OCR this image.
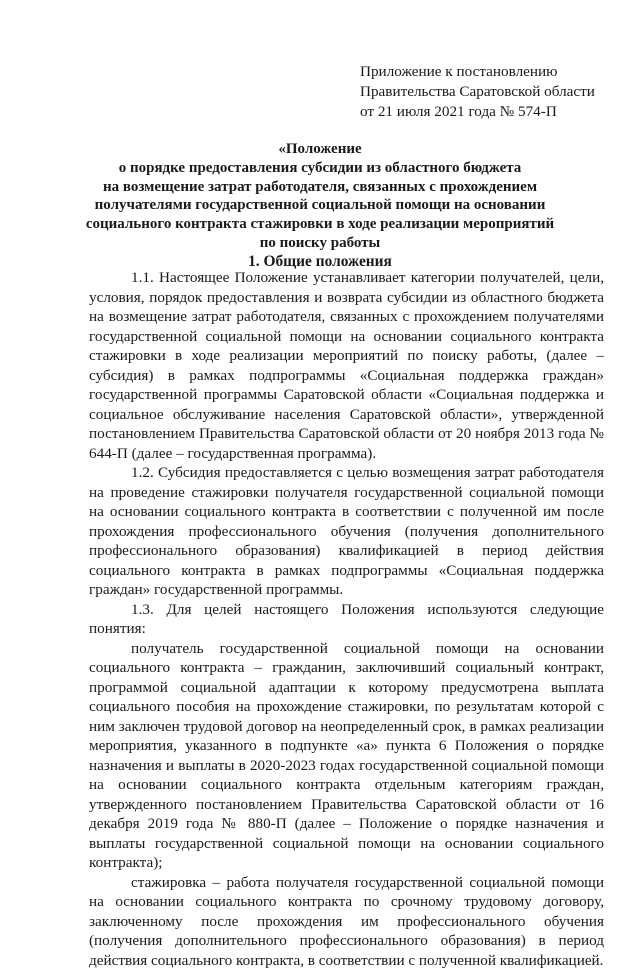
Приложение к постановлению
Правительства Саратовской области
от 21 июля 2021 года № 574-П
«Положение
о порядке предоставления субсидии из областного бюджета
на возмещение затрат работодателя, связанных с прохождением
получателями государственной социальной помощи на основании
социального контракта стажировки в ходе реализации мероприятий
по поиску работы
1. Общие положения

1.1. Настоящее Положение устанавливает категории получателей, цели, условия, порядок предоставления и возврата субсидии из областного бюджета на возмещение затрат работодателя, связанных с прохождением получателями государственной социальной помощи на основании социального контракта стажировки в ходе реализации мероприятий по поиску работы, (далее – субсидия) в рамках подпрограммы «Социальная поддержка граждан» государственной программы Саратовской области «Социальная поддержка и социальное обслуживание населения Саратовской области», утвержденной постановлением Правительства Саратовской области от 20 ноября 2013 года № 644-П (далее – государственная программа).

1.2. Субсидия предоставляется с целью возмещения затрат работодателя на проведение стажировки получателя государственной социальной помощи на основании социального контракта в соответствии с полученной им после прохождения профессионального обучения (получения дополнительного профессионального образования) квалификацией в период действия социального контракта в рамках подпрограммы «Социальная поддержка граждан» государственной программы.

1.3. Для целей настоящего Положения используются следующие понятия:

получатель государственной социальной помощи на основании социального контракта – гражданин, заключивший социальный контракт, программой социальной адаптации к которому предусмотрена выплата социального пособия на прохождение стажировки, по результатам которой с ним заключен трудовой договор на неопределенный срок, в рамках реализации мероприятия, указанного в подпункте «а» пункта 6 Положения о порядке назначения и выплаты в 2020-2023 годах государственной социальной помощи на основании социального контракта отдельным категориям граждан, утвержденного постановлением Правительства Саратовской области от 16 декабря 2019 года № 880-П (далее – Положение о порядке назначения и выплаты государственной социальной помощи на основании социального контракта);

стажировка – работа получателя государственной социальной помощи на основании социального контракта по срочному трудовому договору, заключенному после прохождения им профессионального обучения (получения дополнительного профессионального образования) в период действия социального контракта, в соответствии с полученной квалификацией.
